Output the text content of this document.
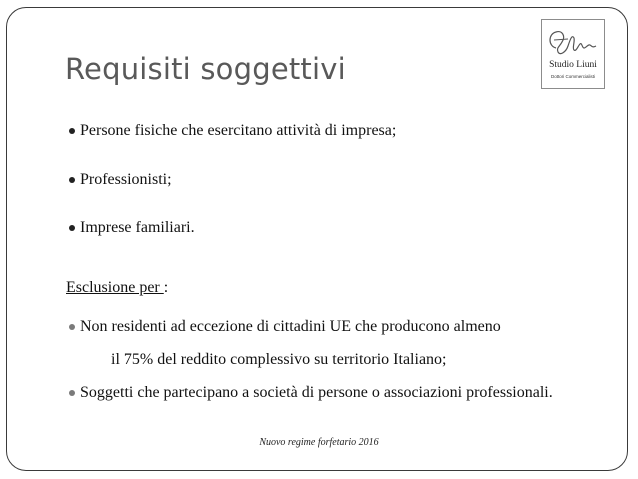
Requisiti soggettivi	Studio Liuni
Dottori Commercialisti
Persone fisiche che esercitano attività di impresa;
Professionisti;
Imprese familiari.
Esclusione per :
Non residenti ad eccezione di cittadini UE che producono almeno
il 75% del reddito complessivo su territorio Italiano;
Soggetti che partecipano a società di persone o associazioni professionali.
Nuovo regime forfetario 2016
